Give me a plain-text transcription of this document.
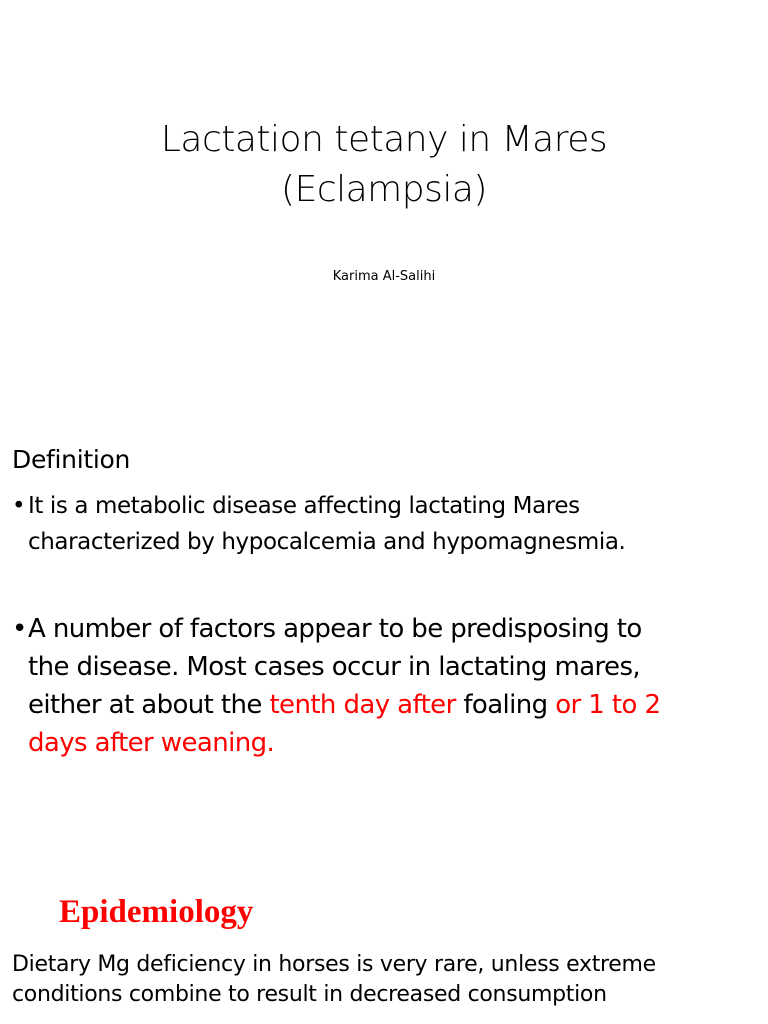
Lactation tetany in Mares
(Eclampsia)
Karima Al-Salihi
Definition
• It is a metabolic disease affecting lactating Mares
characterized by hypocalcemia and hypomagnesmia.
• A number of factors appear to be predisposing to
the disease. Most cases occur in lactating mares,
either at about the tenth day after foaling or 1 to 2
days after weaning.
Epidemiology
Dietary Mg deficiency in horses is very rare, unless extreme
conditions combine to result in decreased consumption
